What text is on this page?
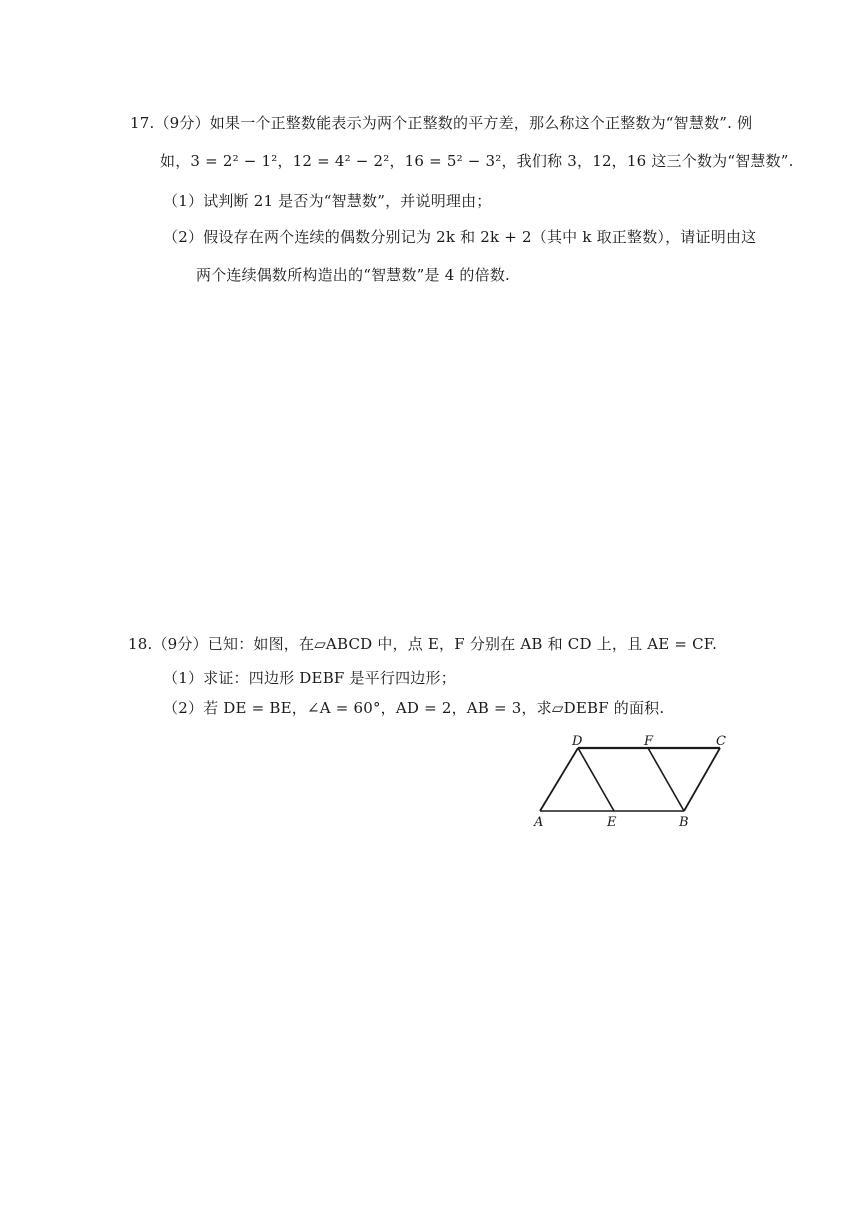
17.（9分）如果一个正整数能表示为两个正整数的平方差，那么称这个正整数为“智慧数”. 例
如，3 = 2² − 1²，12 = 4² − 2²，16 = 5² − 3²，我们称 3，12，16 这三个数为“智慧数”.
（1）试判断 21 是否为“智慧数”，并说明理由；
（2）假设存在两个连续的偶数分别记为 2k 和 2k + 2（其中 k 取正整数），请证明由这
两个连续偶数所构造出的“智慧数”是 4 的倍数.
18.（9分）已知：如图，在▱ABCD 中，点 E，F 分别在 AB 和 CD 上，且 AE = CF.
（1）求证：四边形 DEBF 是平行四边形；
（2）若 DE = BE，∠A = 60°，AD = 2，AB = 3，求▱DEBF 的面积.
D	F	C
A	E	B
